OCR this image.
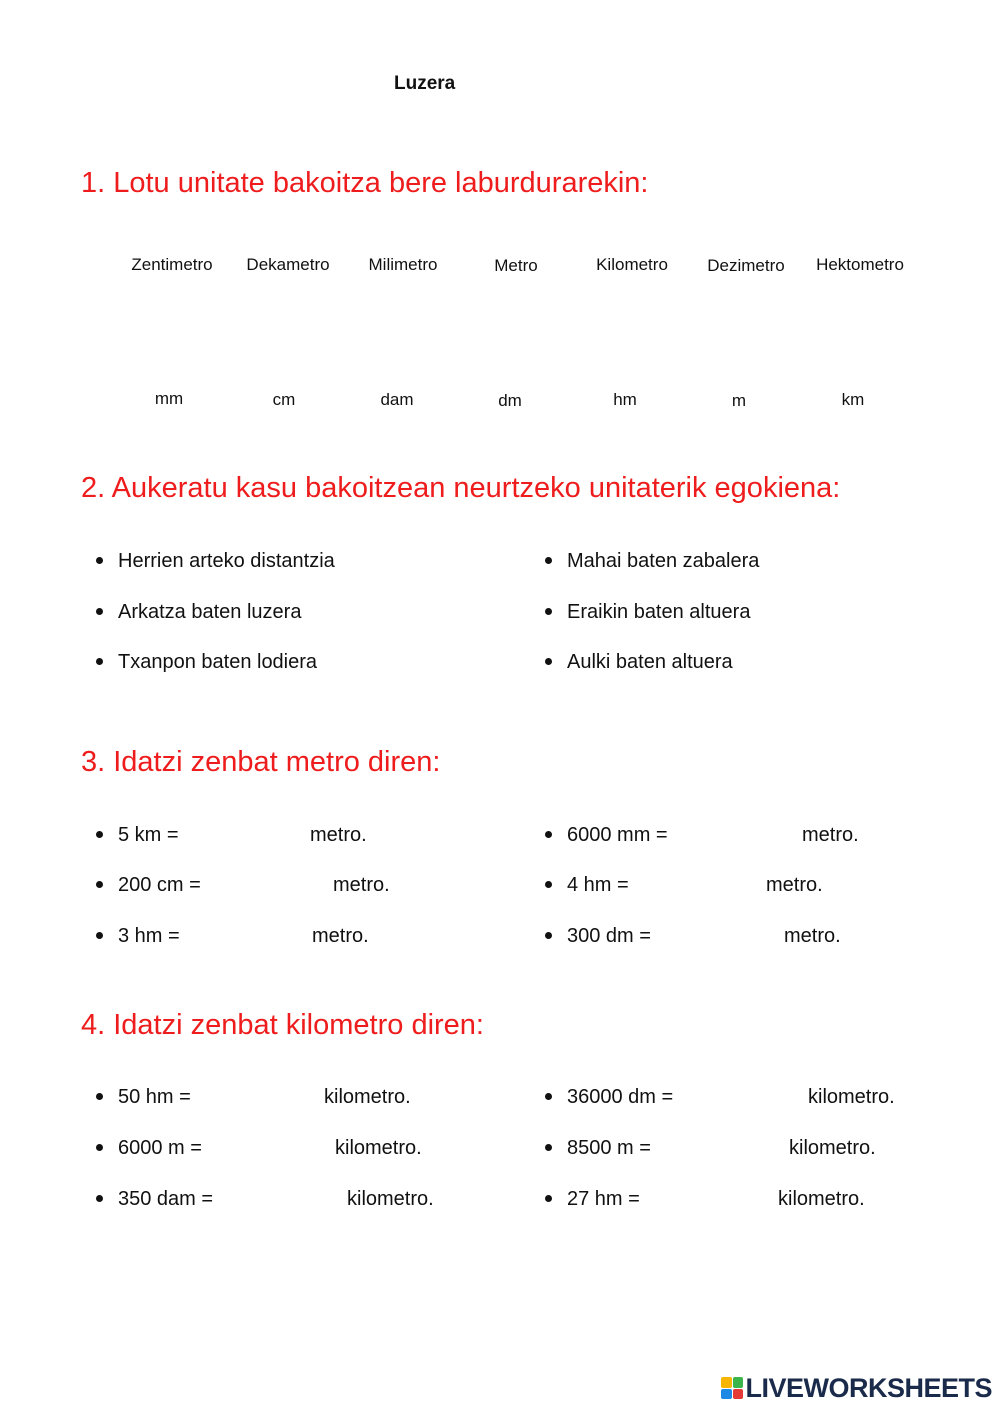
Luzera
1. Lotu unitate bakoitza bere laburdurarekin:
Zentimetro Dekametro Milimetro	Metro	Kilometro Dezimetro Hektometro
mm	cm	dam	dm	hm	m	km
2. Aukeratu kasu bakoitzean neurtzeko unitaterik egokiena:
Herrien arteko distantzia
Arkatza baten luzera
Txanpon baten lodiera
Mahai baten zabalera
Eraikin baten altuera
Aulki baten altuera
3. Idatzi zenbat metro diren:
5 km =	metro.
200 cm =	metro.
3 hm =	metro.
6000 mm =	metro.
4 hm =	metro.
300 dm =	metro.
4. Idatzi zenbat kilometro diren:
50 hm =	kilometro.
6000 m =	kilometro.
350 dam =	kilometro.
36000 dm =	kilometro.
8500 m =	kilometro.
27 hm =	kilometro.
LIVEWORKSHEETS
